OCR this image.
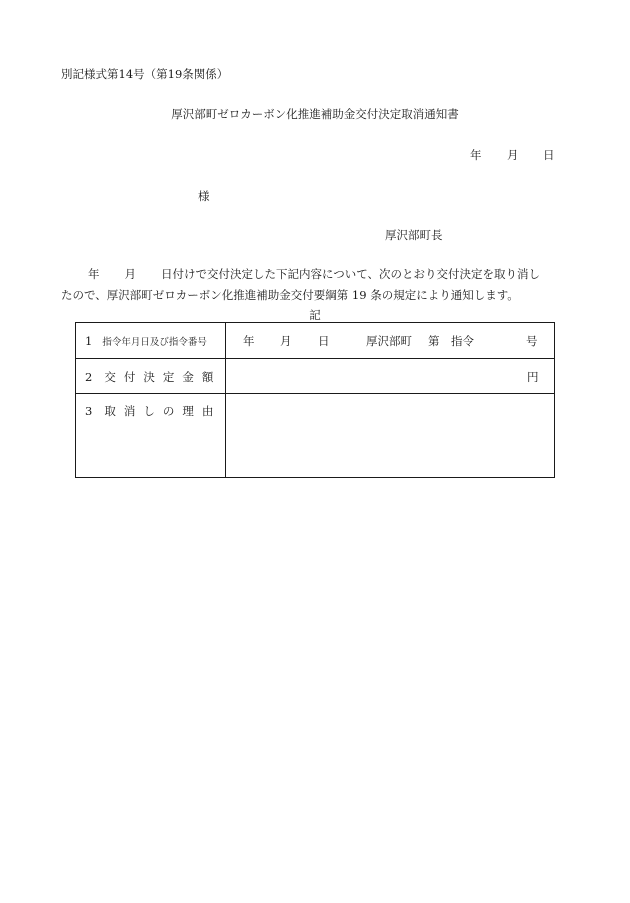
別記様式第14号（第19条関係）
厚沢部町ゼロカーボン化推進補助金交付決定取消通知書
年 月 日
様
厚沢部町長
年 月 日付けで交付決定した下記内容について、次のとおり交付決定を取り消し
たので、厚沢部町ゼロカーボン化推進補助金交付要綱第 19 条の規定により通知します。
記
1 指令年月日及び指令番号	年 月 日	厚沢部町 第 指令	号
2 交付決定金額	円
3 取消しの理由
